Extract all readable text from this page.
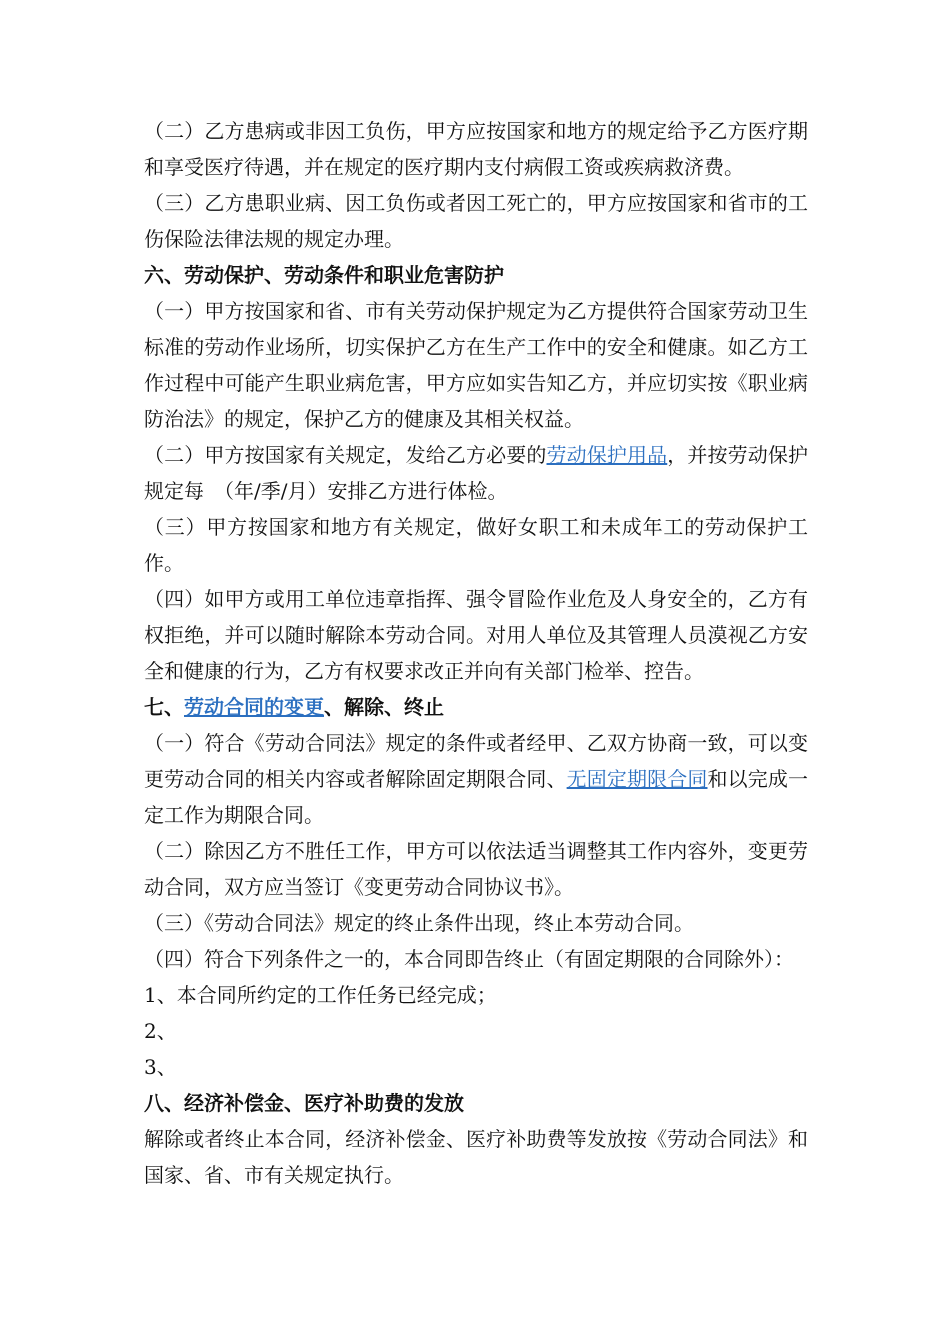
（二）乙方患病或非因工负伤，甲方应按国家和地方的规定给予乙方医疗期和享受医疗待遇，并在规定的医疗期内支付病假工资或疾病救济费。

（三）乙方患职业病、因工负伤或者因工死亡的，甲方应按国家和省市的工伤保险法律法规的规定办理。

六、劳动保护、劳动条件和职业危害防护

（一）甲方按国家和省、市有关劳动保护规定为乙方提供符合国家劳动卫生标准的劳动作业场所，切实保护乙方在生产工作中的安全和健康。如乙方工作过程中可能产生职业病危害，甲方应如实告知乙方，并应切实按《职业病防治法》的规定，保护乙方的健康及其相关权益。

（二）甲方按国家有关规定，发给乙方必要的劳动保护用品，并按劳动保护规定每　（年/季/月）安排乙方进行体检。

（三）甲方按国家和地方有关规定，做好女职工和未成年工的劳动保护工作。

（四）如甲方或用工单位违章指挥、强令冒险作业危及人身安全的，乙方有权拒绝，并可以随时解除本劳动合同。对用人单位及其管理人员漠视乙方安全和健康的行为，乙方有权要求改正并向有关部门检举、控告。

七、劳动合同的变更、解除、终止

（一）符合《劳动合同法》规定的条件或者经甲、乙双方协商一致，可以变更劳动合同的相关内容或者解除固定期限合同、无固定期限合同和以完成一定工作为期限合同。

（二）除因乙方不胜任工作，甲方可以依法适当调整其工作内容外，变更劳动合同，双方应当签订《变更劳动合同协议书》。

（三）《劳动合同法》规定的终止条件出现，终止本劳动合同。

（四）符合下列条件之一的，本合同即告终止（有固定期限的合同除外）：

1、本合同所约定的工作任务已经完成；

2、

3、

八、经济补偿金、医疗补助费的发放

解除或者终止本合同，经济补偿金、医疗补助费等发放按《劳动合同法》和国家、省、市有关规定执行。
